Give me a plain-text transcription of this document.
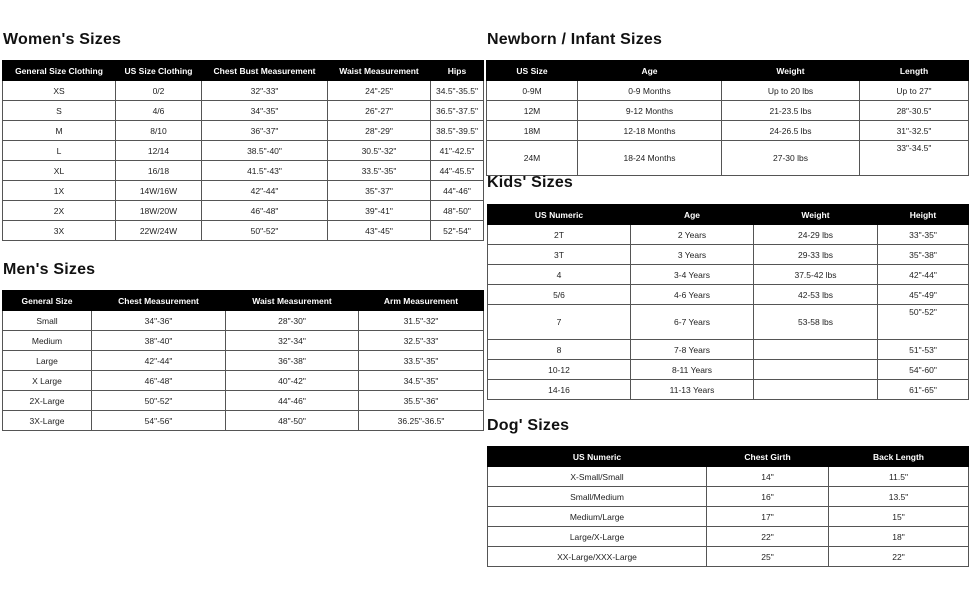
Women's Sizes
General Size Clothing	US Size Clothing	Chest Bust Measurement	Waist Measurement	Hips
XS	0/2	32"-33"	24"-25"	34.5"-35.5"
S	4/6	34"-35"	26"-27"	36.5"-37.5"
M	8/10	36"-37"	28"-29"	38.5"-39.5"
L	12/14	38.5"-40"	30.5"-32"	41"-42.5"
XL	16/18	41.5"-43"	33.5"-35"	44"-45.5"
1X	14W/16W	42"-44"	35"-37"	44"-46"
2X	18W/20W	46"-48"	39"-41"	48"-50"
3X	22W/24W	50"-52"	43"-45"	52"-54"
Men's Sizes
General Size	Chest Measurement	Waist Measurement	Arm Measurement
Small	34"-36"	28"-30"	31.5"-32"
Medium	38"-40"	32"-34"	32.5"-33"
Large	42"-44"	36"-38"	33.5"-35"
X Large	46"-48"	40"-42"	34.5"-35"
2X-Large	50"-52"	44"-46"	35.5"-36"
3X-Large	54"-56"	48"-50"	36.25"-36.5"
Newborn / Infant Sizes
US Size	Age	Weight	Length
0-9M	0-9 Months	Up to 20 lbs	Up to 27"
12M	9-12 Months	21-23.5 lbs	28"-30.5"
18M	12-18 Months	24-26.5 lbs	31"-32.5"
24M	18-24 Months	27-30 lbs	33"-34.5"
Kids' Sizes
US Numeric	Age	Weight	Height
2T	2 Years	24-29 lbs	33"-35"
3T	3 Years	29-33 lbs	35"-38"
4	3-4 Years	37.5-42 lbs	42"-44"
5/6	4-6 Years	42-53 lbs	45"-49"
7	6-7 Years	53-58 lbs	50"-52"
8	7-8 Years		51"-53"
10-12	8-11 Years		54"-60"
14-16	11-13 Years		61"-65"
Dog' Sizes
US Numeric	Chest Girth	Back Length
X-Small/Small	14"	11.5"
Small/Medium	16"	13.5"
Medium/Large	17"	15"
Large/X-Large	22"	18"
XX-Large/XXX-Large	25"	22"
